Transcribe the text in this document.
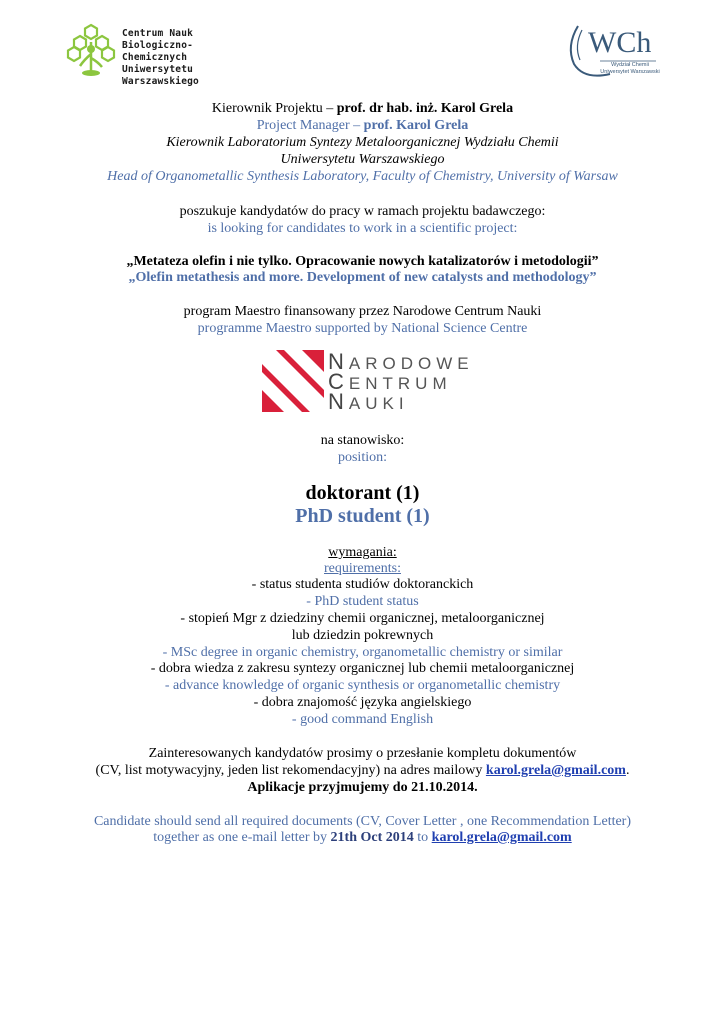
Centrum Nauk
Biologiczno-Chemicznych
Uniwersytetu Warszawskiego
WCh
Wydział Chemii
Uniwersytet Warszawski
Kierownik Projektu – prof. dr hab. inż. Karol Grela
Project Manager – prof. Karol Grela
Kierownik Laboratorium Syntezy Metaloorganicznej Wydziału Chemii
Uniwersytetu Warszawskiego
Head of Organometallic Synthesis Laboratory, Faculty of Chemistry, University of Warsaw
poszukuje kandydatów do pracy w ramach projektu badawczego:
is looking for candidates to work in a scientific project:
„Metateza olefin i nie tylko. Opracowanie nowych katalizatorów i metodologii”
„Olefin metathesis and more. Development of new catalysts and methodology”
program Maestro finansowany przez Narodowe Centrum Nauki
programme Maestro supported by National Science Centre
NARODOWE
CENTRUM
NAUKI
na stanowisko:
position:
doktorant (1)
PhD student (1)
wymagania:
requirements:
- status studenta studiów doktoranckich
- PhD student status
- stopień Mgr z dziedziny chemii organicznej, metaloorganicznej
lub dziedzin pokrewnych
- MSc degree in organic chemistry, organometallic chemistry or similar
- dobra wiedza z zakresu syntezy organicznej lub chemii metaloorganicznej
- advance knowledge of organic synthesis or organometallic chemistry
- dobra znajomość języka angielskiego
- good command English
Zainteresowanych kandydatów prosimy o przesłanie kompletu dokumentów
(CV, list motywacyjny, jeden list rekomendacyjny) na adres mailowy karol.grela@gmail.com.
Aplikacje przyjmujemy do 21.10.2014.
Candidate should send all required documents (CV, Cover Letter , one Recommendation Letter)
together as one e-mail letter by 21th Oct 2014 to karol.grela@gmail.com
